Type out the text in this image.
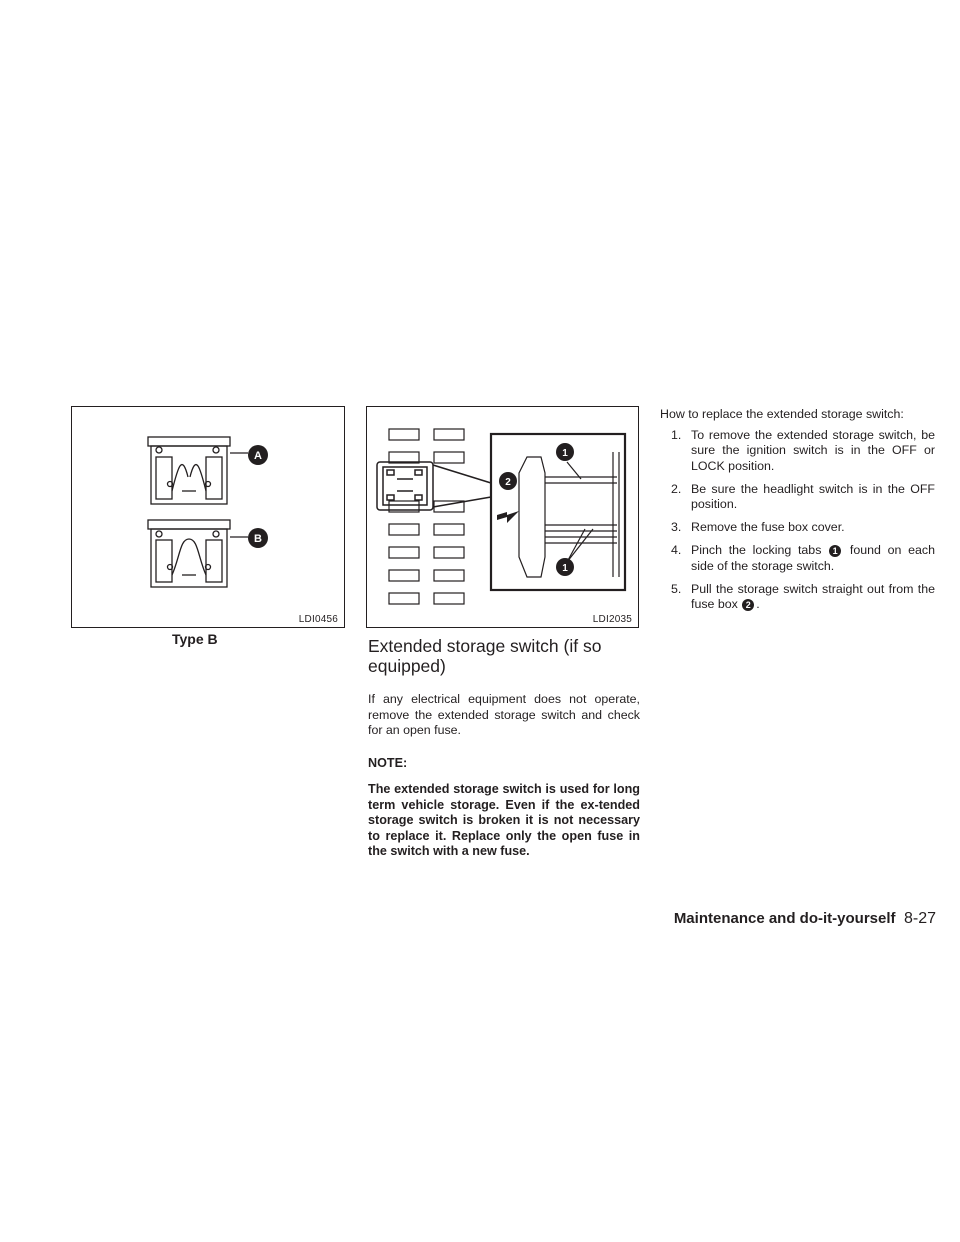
A
B
LDI0456
Type B
1
2
1
LDI2035
Extended storage switch (if so equipped)

If any electrical equipment does not operate, remove the extended storage switch and check for an open fuse.

NOTE:

The extended storage switch is used for long term vehicle storage. Even if the ex-tended storage switch is broken it is not necessary to replace it. Replace only the open fuse in the switch with a new fuse.

How to replace the extended storage switch:

1. To remove the extended storage switch, be sure the ignition switch is in the OFF or LOCK position.
2. Be sure the headlight switch is in the OFF position.
3. Remove the fuse box cover.
4. Pinch the locking tabs 1 found on each side of the storage switch.
5. Pull the storage switch straight out from the fuse box 2 .
Maintenance and do-it-yourself 8-27
